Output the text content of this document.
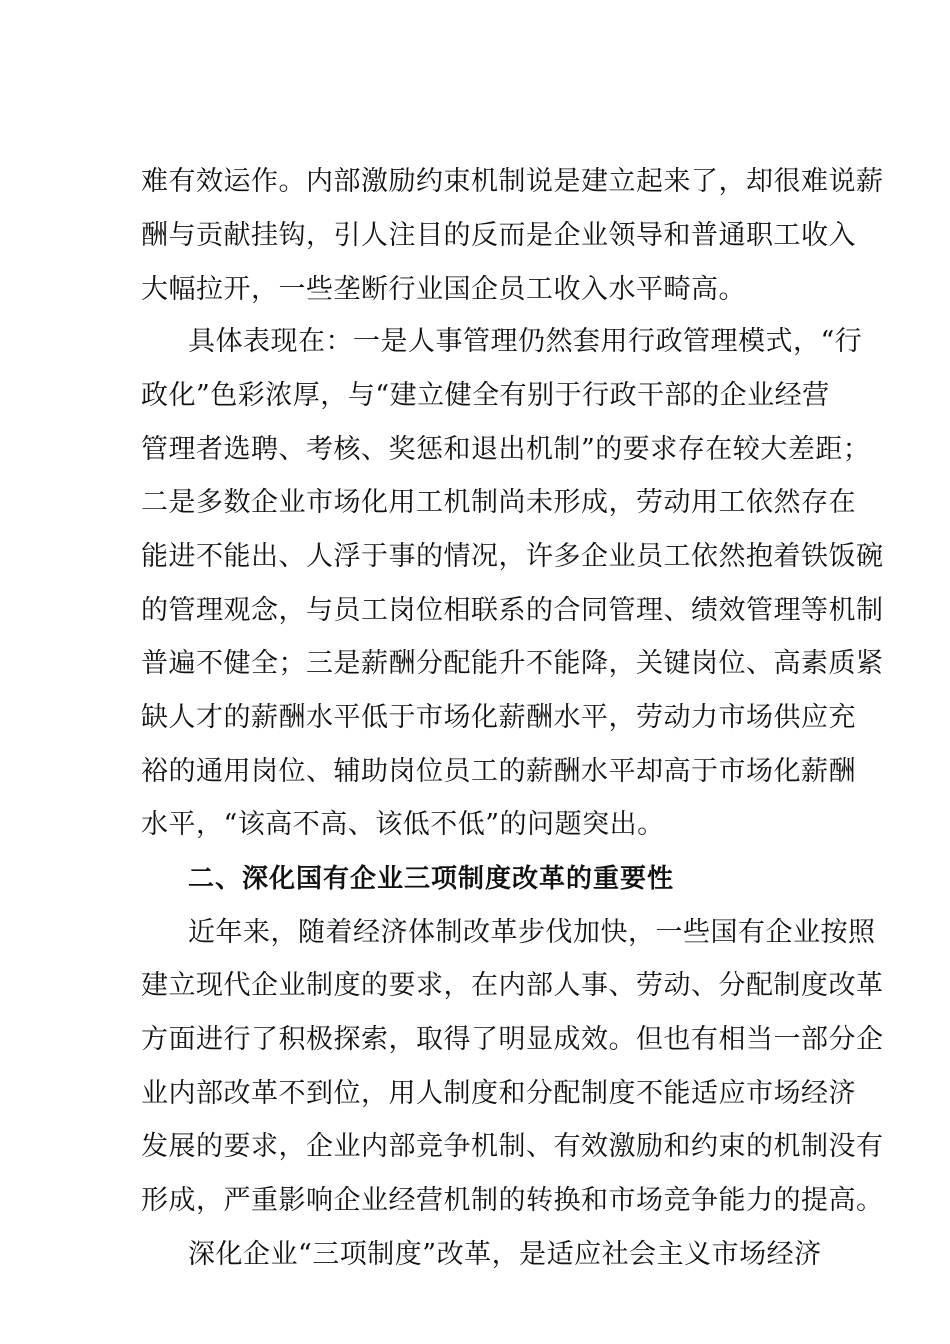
难有效运作。内部激励约束机制说是建立起来了，却很难说薪
酬与贡献挂钩，引人注目的反而是企业领导和普通职工收入
大幅拉开，一些垄断行业国企员工收入水平畸高。
具体表现在：一是人事管理仍然套用行政管理模式，“行
政化”色彩浓厚，与“建立健全有别于行政干部的企业经营
管理者选聘、考核、奖惩和退出机制”的要求存在较大差距；
二是多数企业市场化用工机制尚未形成，劳动用工依然存在
能进不能出、人浮于事的情况，许多企业员工依然抱着铁饭碗
的管理观念，与员工岗位相联系的合同管理、绩效管理等机制
普遍不健全；三是薪酬分配能升不能降，关键岗位、高素质紧
缺人才的薪酬水平低于市场化薪酬水平，劳动力市场供应充
裕的通用岗位、辅助岗位员工的薪酬水平却高于市场化薪酬
水平，“该高不高、该低不低”的问题突出。
二、深化国有企业三项制度改革的重要性
近年来，随着经济体制改革步伐加快，一些国有企业按照
建立现代企业制度的要求，在内部人事、劳动、分配制度改革
方面进行了积极探索，取得了明显成效。但也有相当一部分企
业内部改革不到位，用人制度和分配制度不能适应市场经济
发展的要求，企业内部竞争机制、有效激励和约束的机制没有
形成，严重影响企业经营机制的转换和市场竞争能力的提高。
深化企业“三项制度”改革，是适应社会主义市场经济
